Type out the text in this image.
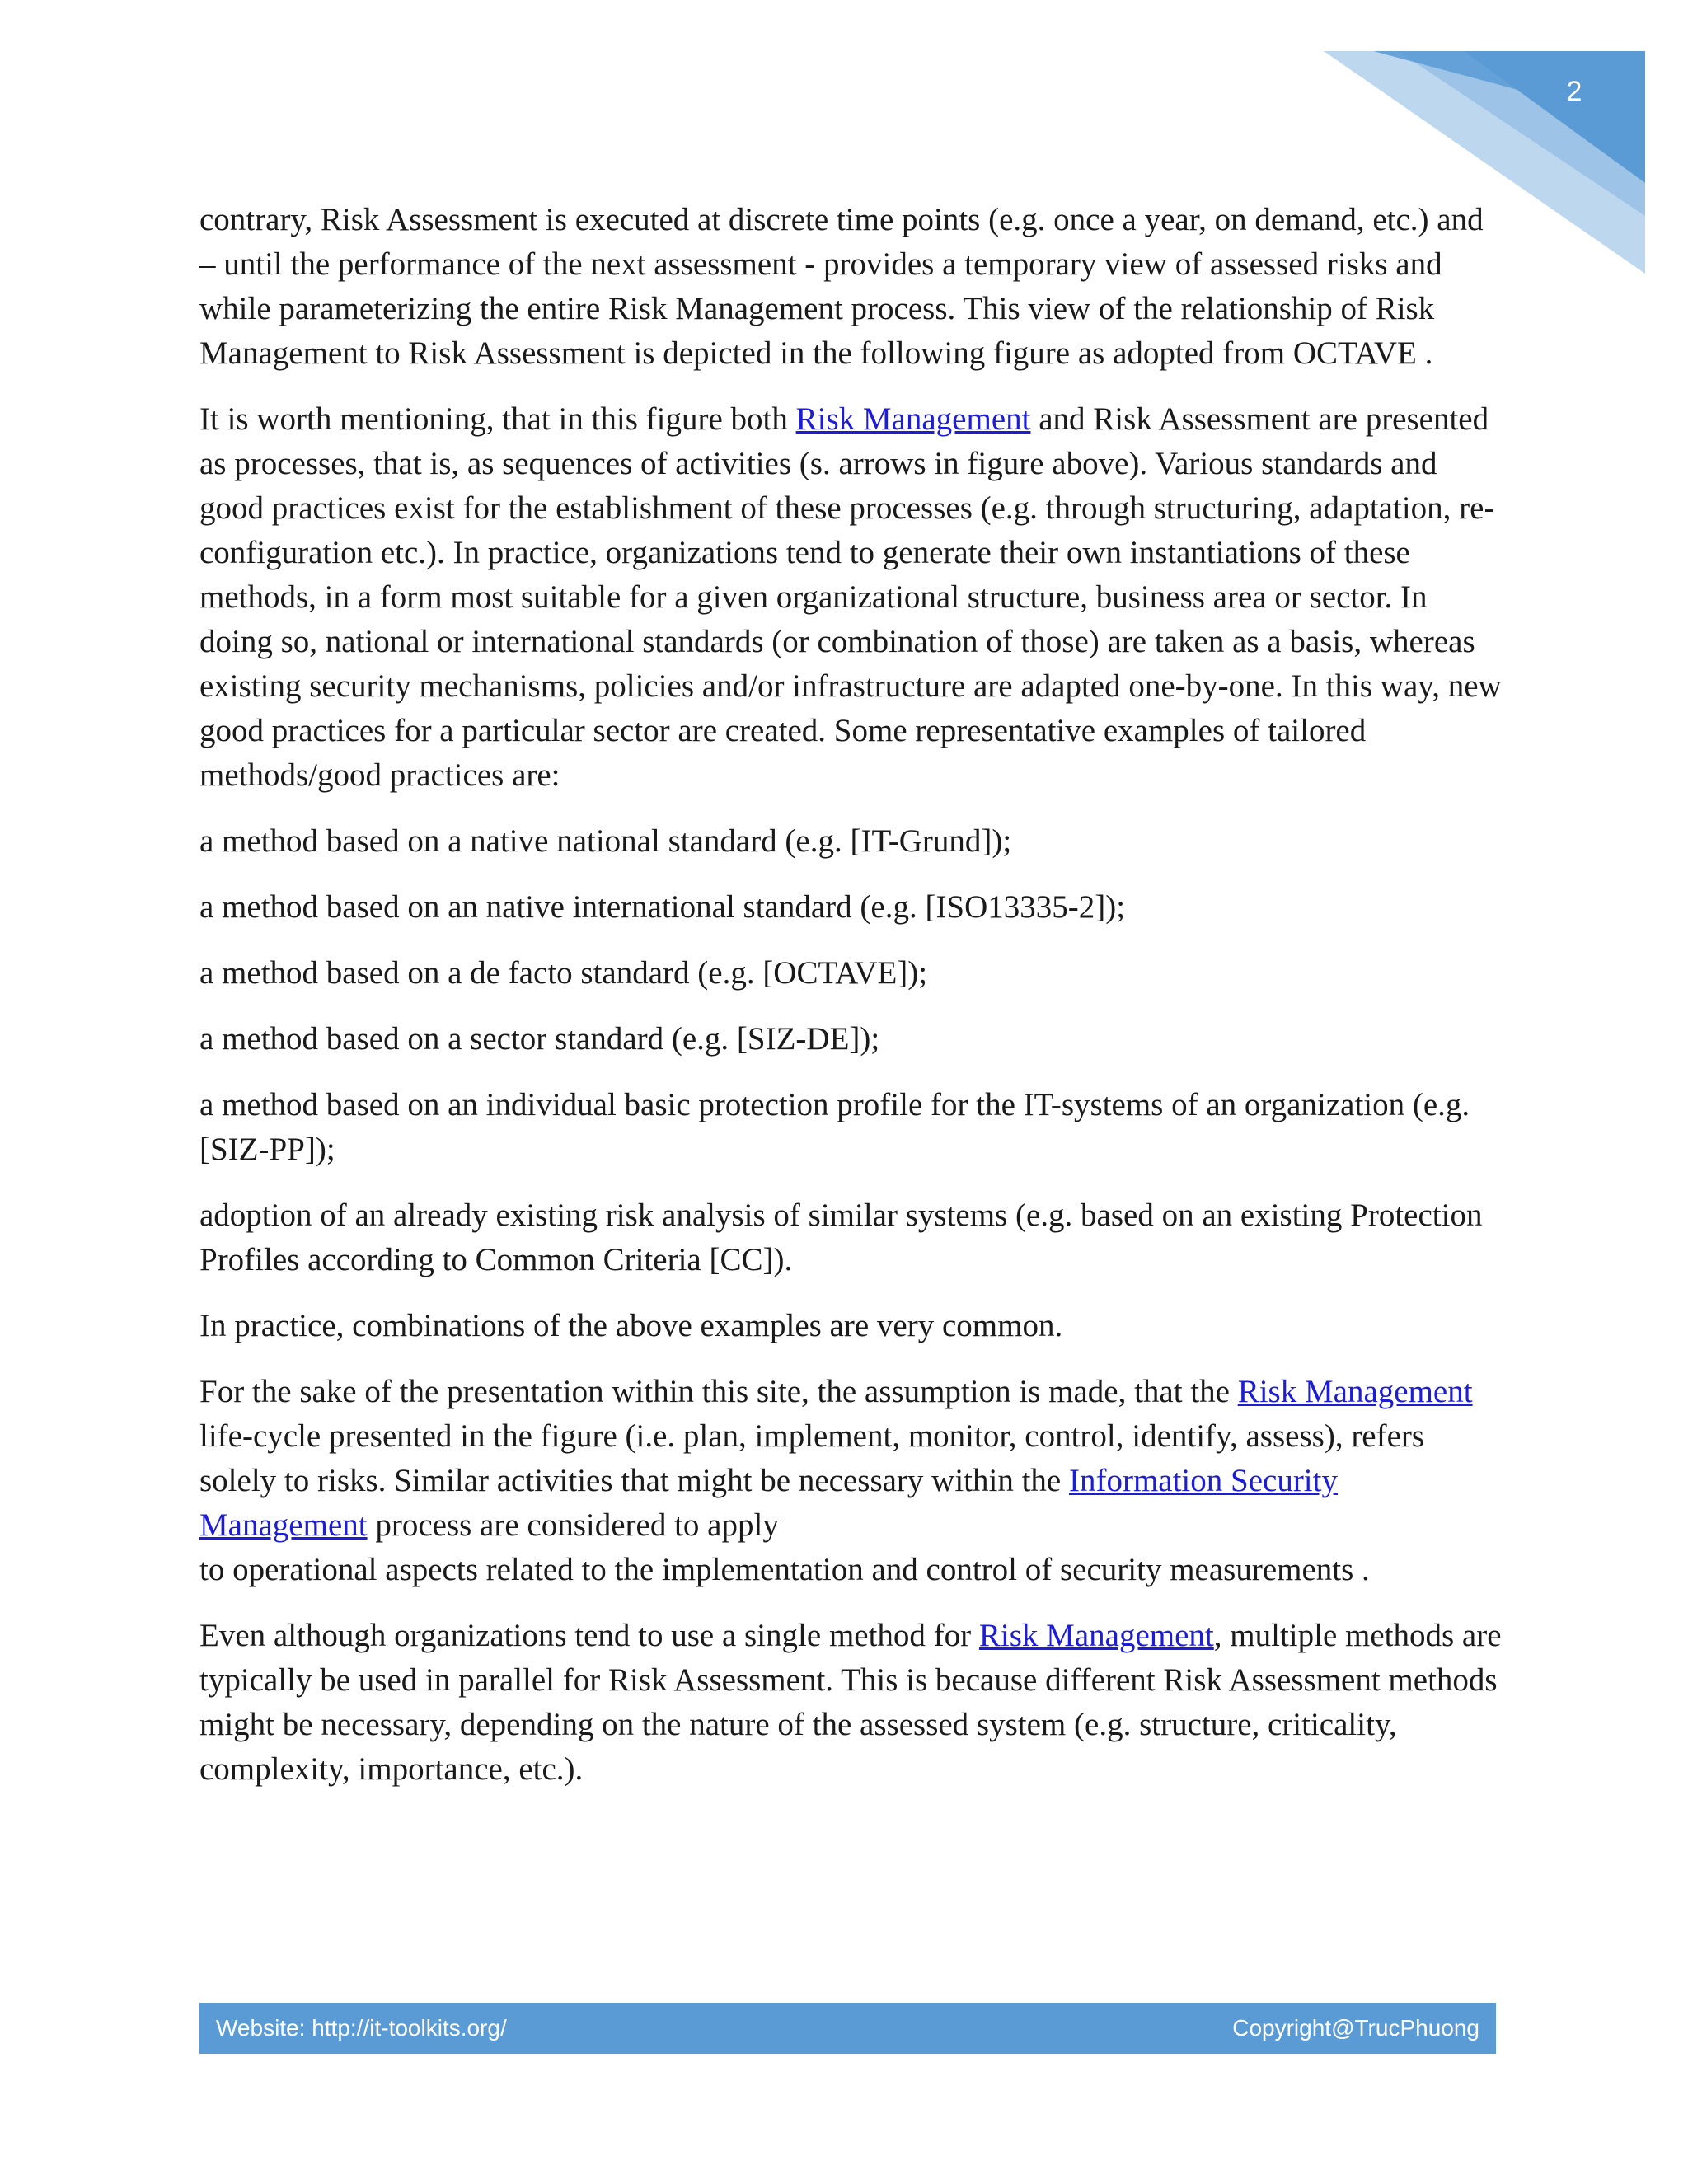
2

contrary, Risk Assessment is executed at discrete time points (e.g. once a year, on demand, etc.) and – until the performance of the next assessment - provides a temporary view of assessed risks and while parameterizing the entire Risk Management process. This view of the relationship of Risk Management to Risk Assessment is depicted in the following figure as adopted from OCTAVE .

It is worth mentioning, that in this figure both Risk Management and Risk Assessment are presented as processes, that is, as sequences of activities (s. arrows in figure above). Various standards and good practices exist for the establishment of these processes (e.g. through structuring, adaptation, re-configuration etc.). In practice, organizations tend to generate their own instantiations of these methods, in a form most suitable for a given organizational structure, business area or sector. In doing so, national or international standards (or combination of those) are taken as a basis, whereas existing security mechanisms, policies and/or infrastructure are adapted one-by-one. In this way, new good practices for a particular sector are created. Some representative examples of tailored methods/good practices are:

a method based on a native national standard (e.g. [IT-Grund]);

a method based on an native international standard (e.g. [ISO13335-2]);

a method based on a de facto standard (e.g. [OCTAVE]);

a method based on a sector standard (e.g. [SIZ-DE]);

a method based on an individual basic protection profile for the IT-systems of an organization (e.g. [SIZ-PP]);

adoption of an already existing risk analysis of similar systems (e.g. based on an existing Protection Profiles according to Common Criteria [CC]).

In practice, combinations of the above examples are very common.

For the sake of the presentation within this site, the assumption is made, that the Risk Management life-cycle presented in the figure (i.e. plan, implement, monitor, control, identify, assess), refers solely to risks. Similar activities that might be necessary within the Information Security Management process are considered to apply
to operational aspects related to the implementation and control of security measurements .

Even although organizations tend to use a single method for Risk Management, multiple methods are typically be used in parallel for Risk Assessment. This is because different Risk Assessment methods might be necessary, depending on the nature of the assessed system (e.g. structure, criticality, complexity, importance, etc.).

Website: http://it-toolkits.org/	Copyright@TrucPhuong
